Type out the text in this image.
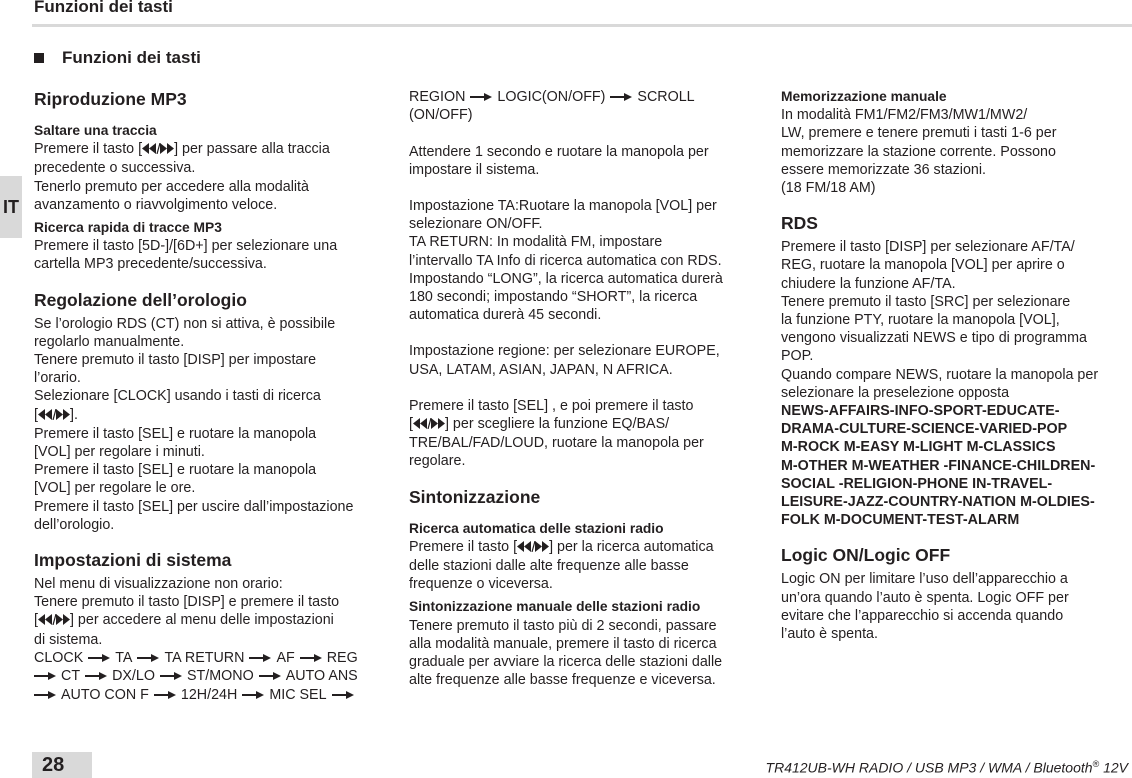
Funzioni dei tasti
Funzioni dei tasti
IT
Riproduzione MP3
Saltare una traccia
Premere il tasto [ ] per passare alla traccia
precedente o successiva.
Tenerlo premuto per accedere alla modalità
avanzamento o riavvolgimento veloce.
Ricerca rapida di tracce MP3
Premere il tasto [5D-]/[6D+] per selezionare una
cartella MP3 precedente/successiva.
Regolazione dell’orologio
Se l’orologio RDS (CT) non si attiva, è possibile
regolarlo manualmente.
Tenere premuto il tasto [DISP] per impostare
l’orario.
Selezionare [CLOCK] usando i tasti di ricerca
[ ].
Premere il tasto [SEL] e ruotare la manopola
[VOL] per regolare i minuti.
Premere il tasto [SEL] e ruotare la manopola
[VOL] per regolare le ore.
Premere il tasto [SEL] per uscire dall’impostazione
dell’orologio.
Impostazioni di sistema
Nel menu di visualizzazione non orario:
Tenere premuto il tasto [DISP] e premere il tasto
[ ] per accedere al menu delle impostazioni
di sistema.
CLOCK TA TA RETURN AF REG
CT DX/LO ST/MONO AUTO ANS
AUTO CON F 12H/24H MIC SEL
REGION LOGIC(ON/OFF) SCROLL
(ON/OFF)
Attendere 1 secondo e ruotare la manopola per
impostare il sistema.
Impostazione TA:Ruotare la manopola [VOL] per
selezionare ON/OFF.
TA RETURN: In modalità FM, impostare
l’intervallo TA Info di ricerca automatica con RDS.
Impostando “LONG”, la ricerca automatica durerà
180 secondi; impostando “SHORT”, la ricerca
automatica durerà 45 secondi.
Impostazione regione: per selezionare EUROPE,
USA, LATAM, ASIAN, JAPAN, N AFRICA.
Premere il tasto [SEL] , e poi premere il tasto
[ ] per scegliere la funzione EQ/BAS/
TRE/BAL/FAD/LOUD, ruotare la manopola per
regolare.
Sintonizzazione
Ricerca automatica delle stazioni radio
Premere il tasto [ ] per la ricerca automatica
delle stazioni dalle alte frequenze alle basse
frequenze o viceversa.
Sintonizzazione manuale delle stazioni radio
Tenere premuto il tasto più di 2 secondi, passare
alla modalità manuale, premere il tasto di ricerca
graduale per avviare la ricerca delle stazioni dalle
alte frequenze alle basse frequenze e viceversa.
Memorizzazione manuale
In modalità FM1/FM2/FM3/MW1/MW2/
LW, premere e tenere premuti i tasti 1-6 per
memorizzare la stazione corrente. Possono
essere memorizzate 36 stazioni.
(18 FM/18 AM)
RDS
Premere il tasto [DISP] per selezionare AF/TA/
REG, ruotare la manopola [VOL] per aprire o
chiudere la funzione AF/TA.
Tenere premuto il tasto [SRC] per selezionare
la funzione PTY, ruotare la manopola [VOL],
vengono visualizzati NEWS e tipo di programma
POP.
Quando compare NEWS, ruotare la manopola per
selezionare la preselezione opposta
NEWS-AFFAIRS-INFO-SPORT-EDUCATE-
DRAMA-CULTURE-SCIENCE-VARIED-POP
M-ROCK M-EASY M-LIGHT M-CLASSICS
M-OTHER M-WEATHER -FINANCE-CHILDREN-
SOCIAL -RELIGION-PHONE IN-TRAVEL-
LEISURE-JAZZ-COUNTRY-NATION M-OLDIES-
FOLK M-DOCUMENT-TEST-ALARM
Logic ON/Logic OFF
Logic ON per limitare l’uso dell’apparecchio a
un’ora quando l’auto è spenta. Logic OFF per
evitare che l’apparecchio si accenda quando
l’auto è spenta.
28	TR412UB-WH RADIO / USB MP3 / WMA / Bluetooth® 12V
